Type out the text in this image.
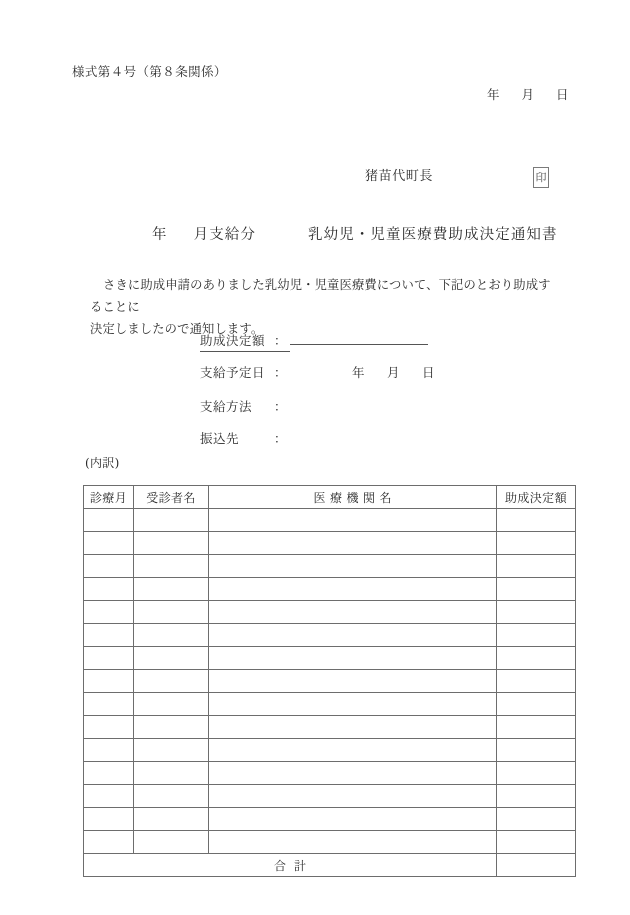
様式第４号（第８条関係）
年 月 日
猪苗代町長	印
年 月支給分	乳幼児・児童医療費助成決定通知書
さきに助成申請のありました乳幼児・児童医療費について、下記のとおり助成することに
決定しましたので通知します。
助成決定額 ：
支給予定日 ：	年 月 日
支給方法 ：
振込先	：
(内訳)
診療月	受診者名	医療機関名	助成決定額

合計			
